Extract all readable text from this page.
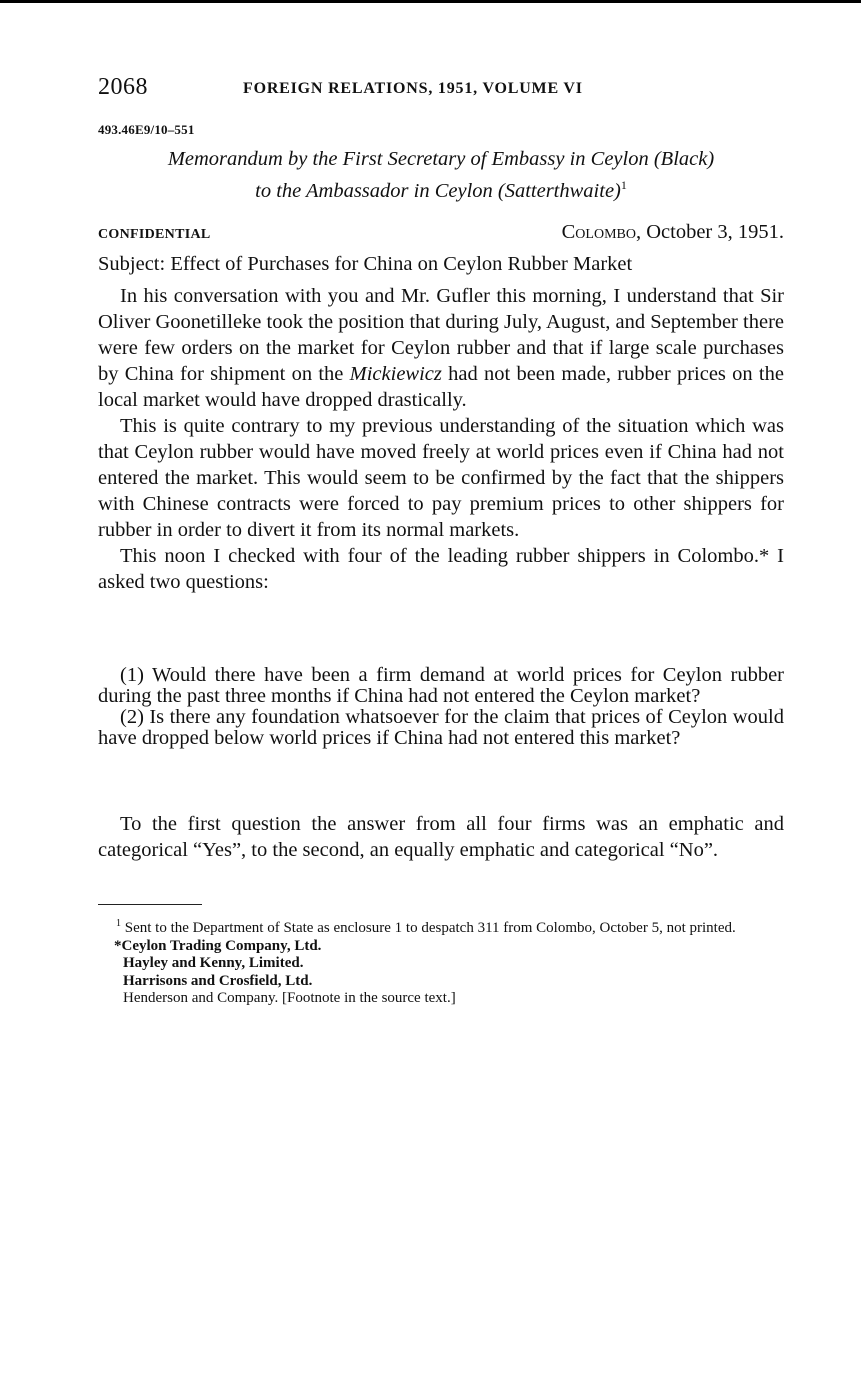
2068	FOREIGN RELATIONS, 1951, VOLUME VI
493.46E9/10–551
Memorandum by the First Secretary of Embassy in Ceylon (Black)
to the Ambassador in Ceylon (Satterthwaite)$^1$
CONFIDENTIAL	Colombo, October 3, 1951.
Subject: Effect of Purchases for China on Ceylon Rubber Market

In his conversation with you and Mr. Gufler this morning, I understand that Sir Oliver Goonetilleke took the position that during July, August, and September there were few orders on the market for Ceylon rubber and that if large scale purchases by China for shipment on the Mickiewicz had not been made, rubber prices on the local market would have dropped drastically.

This is quite contrary to my previous understanding of the situation which was that Ceylon rubber would have moved freely at world prices even if China had not entered the market. This would seem to be confirmed by the fact that the shippers with Chinese contracts were forced to pay premium prices to other shippers for rubber in order to divert it from its normal markets.

This noon I checked with four of the leading rubber shippers in Colombo.* I asked two questions:

(1) Would there have been a firm demand at world prices for Ceylon rubber during the past three months if China had not entered the Ceylon market?

(2) Is there any foundation whatsoever for the claim that prices of Ceylon would have dropped below world prices if China had not entered this market?

To the first question the answer from all four firms was an emphatic and categorical “Yes”, to the second, an equally emphatic and categorical “No”.

$^1$ Sent to the Department of State as enclosure 1 to despatch 311 from Colombo, October 5, not printed.

*Ceylon Trading Company, Ltd.

Hayley and Kenny, Limited.

Harrisons and Crosfield, Ltd.

Henderson and Company. [Footnote in the source text.]
